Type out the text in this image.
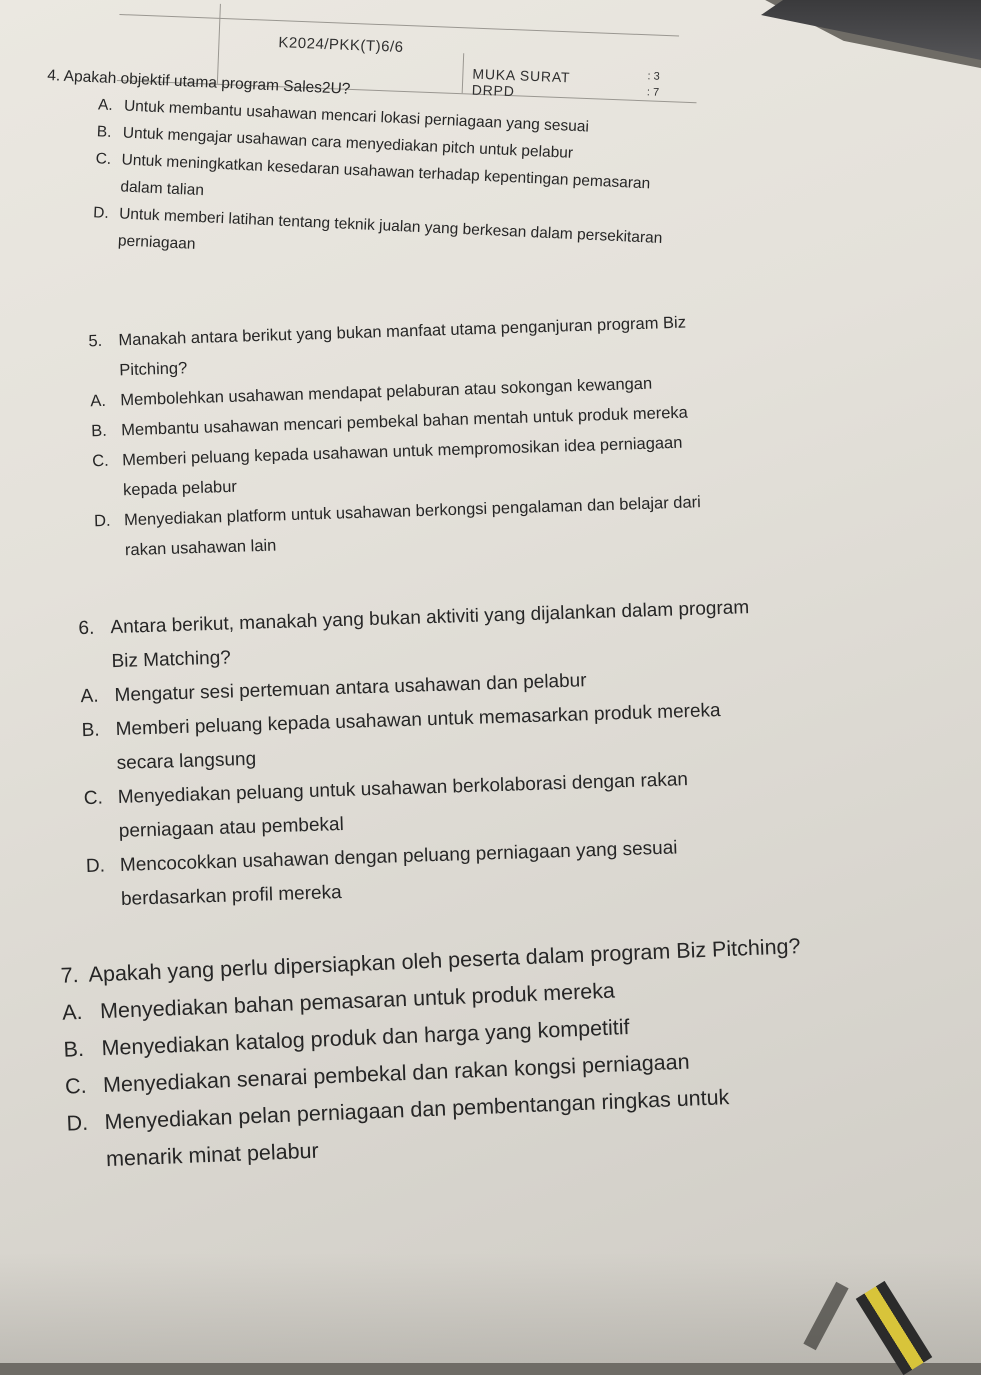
K2024/PKK(T)6/6
MUKA SURAT	: 3
DRPD	: 7
4. Apakah objektif utama program Sales2U?
A. Untuk membantu usahawan mencari lokasi perniagaan yang sesuai
B. Untuk mengajar usahawan cara menyediakan pitch untuk pelabur
C. Untuk meningkatkan kesedaran usahawan terhadap kepentingan pemasaran dalam talian
D. Untuk memberi latihan tentang teknik jualan yang berkesan dalam persekitaran perniagaan
5. Manakah antara berikut yang bukan manfaat utama penganjuran program Biz Pitching?
A. Membolehkan usahawan mendapat pelaburan atau sokongan kewangan
B. Membantu usahawan mencari pembekal bahan mentah untuk produk mereka
C. Memberi peluang kepada usahawan untuk mempromosikan idea perniagaan kepada pelabur
D. Menyediakan platform untuk usahawan berkongsi pengalaman dan belajar dari rakan usahawan lain
6. Antara berikut, manakah yang bukan aktiviti yang dijalankan dalam program Biz Matching?
A. Mengatur sesi pertemuan antara usahawan dan pelabur
B. Memberi peluang kepada usahawan untuk memasarkan produk mereka secara langsung
C. Menyediakan peluang untuk usahawan berkolaborasi dengan rakan perniagaan atau pembekal
D. Mencocokkan usahawan dengan peluang perniagaan yang sesuai berdasarkan profil mereka
7. Apakah yang perlu dipersiapkan oleh peserta dalam program Biz Pitching?
A. Menyediakan bahan pemasaran untuk produk mereka
B. Menyediakan katalog produk dan harga yang kompetitif
C. Menyediakan senarai pembekal dan rakan kongsi perniagaan
D. Menyediakan pelan perniagaan dan pembentangan ringkas untuk menarik minat pelabur
